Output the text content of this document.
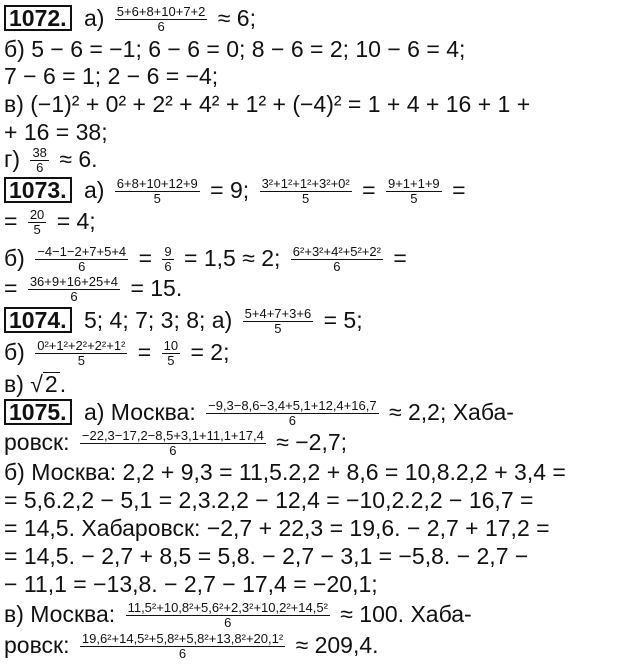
1072. $а) \frac{5+6+8+10+7+2}{6} \approx 6$;
б) 5 − 6 = −1; 6 − 6 = 0; 8 − 6 = 2; 10 − 6 = 4;
7 − 6 = 1; 2 − 6 = −4;
в) (−1)² + 0² + 2² + 4² + 1² + (−4)² = 1 + 4 + 16 + 1 +
+ 16 = 38;
$г) \frac{38}{6} \approx 6$.
1073. $а) \frac{6+8+10+12+9}{5} = 9$; $\frac{\text{3²+1²+1²+3²+0²}}{5} = \frac{9+1+1+9}{5}$ =
= $\frac{20}{5} = 4$;
$б) \frac{-4-1-2+7+5+4}{6} = \frac{9}{6} = 1,5 \approx 2$; $\frac{\text{6²+3²+4²+5²+2²}}{6}$ =
= $\frac{36+9+16+25+4}{6} = 15$.
1074. 5; 4; 7; 3; 8; $а) \frac{5+4+7+3+6}{5} = 5$;
$б) \frac{\text{0²+1²+2²+2²+1²}}{5} = \frac{10}{5} = 2$;
в) √2.
1075. а) Москва: $\frac{-9,3-8,6-3,4+5,1+12,4+16,7}{6} \approx 2,2$; Хаба-
ровск: $\frac{-22,3-17,2-8,5+3,1+11,1+17,4}{6} \approx -2,7$;
б) Москва: 2,2 + 9,3 = 11,5.2,2 + 8,6 = 10,8.2,2 + 3,4 =
= 5,6.2,2 − 5,1 = 2,3.2,2 − 12,4 = −10,2.2,2 − 16,7 =
= 14,5. Хабаровск: −2,7 + 22,3 = 19,6. − 2,7 + 17,2 =
= 14,5. − 2,7 + 8,5 = 5,8. − 2,7 − 3,1 = −5,8. − 2,7 −
− 11,1 = −13,8. − 2,7 − 17,4 = −20,1;
в) Москва: $\frac{\text{11,5²+10,8²+5,6²+2,3²+10,2²+14,5²}}{6} \approx 100$. Хаба-
ровск: $\frac{\text{19,6²+14,5²+5,8²+5,8²+13,8²+20,1²}}{6} \approx 209,4$.
